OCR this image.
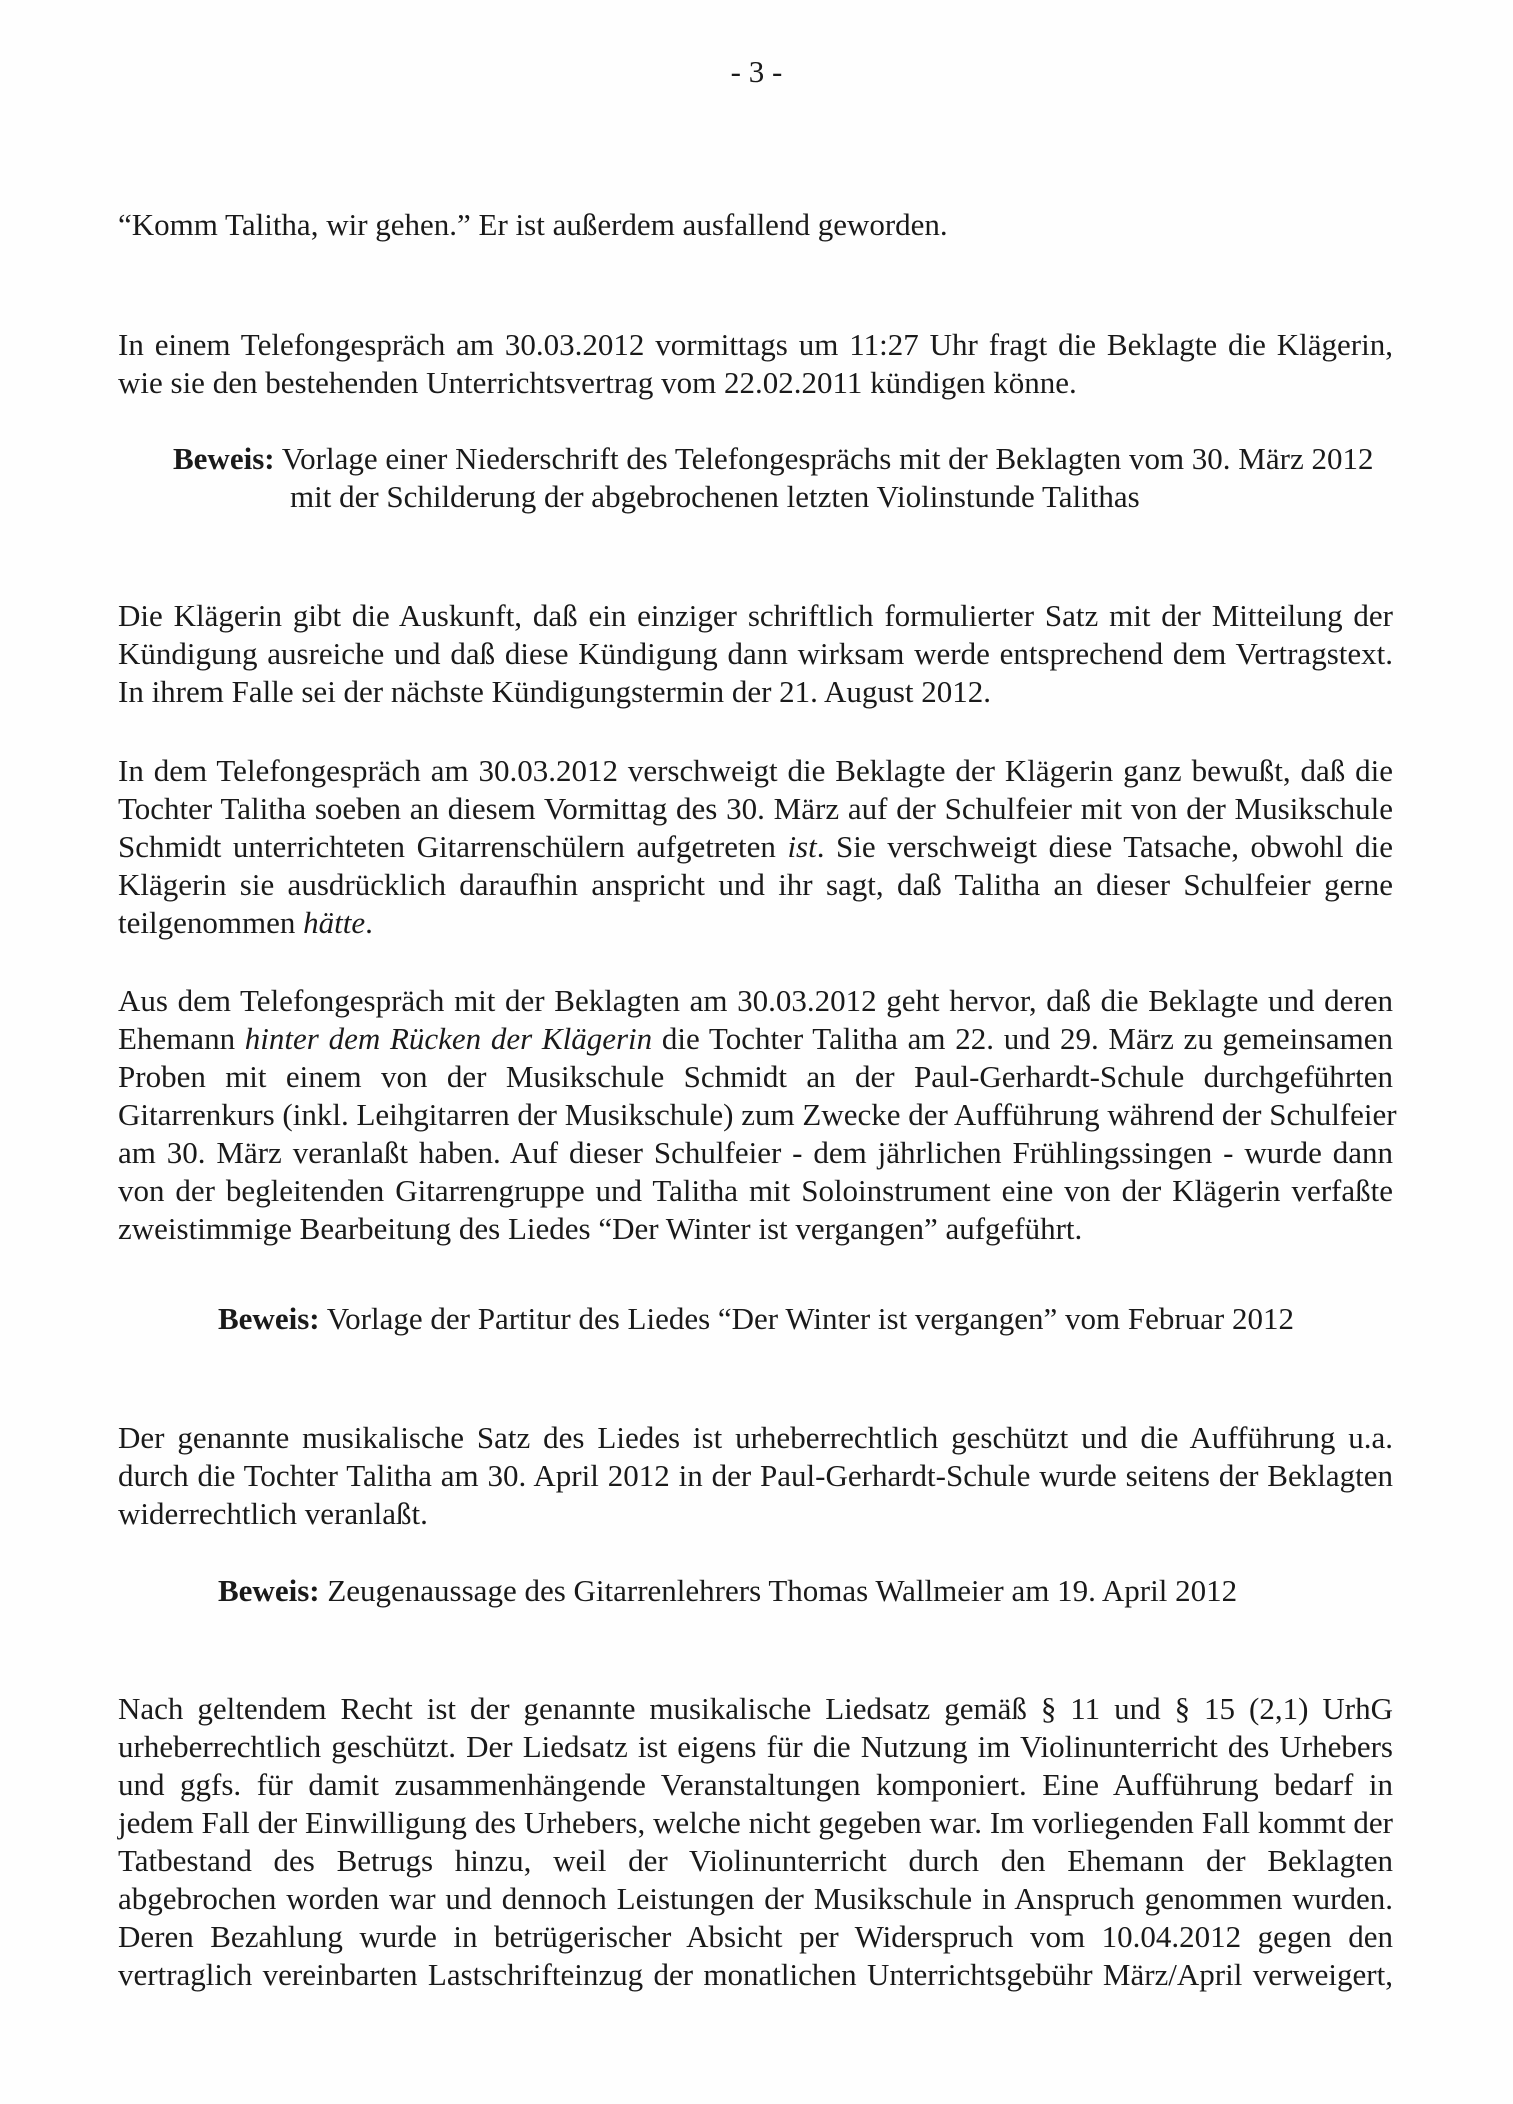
- 3 -

“Komm Talitha, wir gehen.” Er ist außerdem ausfallend geworden.

In einem Telefongespräch am 30.03.2012 vormittags um 11:27 Uhr fragt die Beklagte die Klägerin,
wie sie den bestehenden Unterrichtsvertrag vom 22.02.2011 kündigen könne.

Beweis: Vorlage einer Niederschrift des Telefongesprächs mit der Beklagten vom 30. März 2012
mit der Schilderung der abgebrochenen letzten Violinstunde Talithas

Die Klägerin gibt die Auskunft, daß ein einziger schriftlich formulierter Satz mit der Mitteilung der
Kündigung ausreiche und daß diese Kündigung dann wirksam werde entsprechend dem Vertragstext.
In ihrem Falle sei der nächste Kündigungstermin der 21. August 2012.

In dem Telefongespräch am 30.03.2012 verschweigt die Beklagte der Klägerin ganz bewußt, daß die
Tochter Talitha soeben an diesem Vormittag des 30. März auf der Schulfeier mit von der Musikschule
Schmidt unterrichteten Gitarrenschülern aufgetreten ist. Sie verschweigt diese Tatsache, obwohl die
Klägerin sie ausdrücklich daraufhin anspricht und ihr sagt, daß Talitha an dieser Schulfeier gerne
teilgenommen hätte.

Aus dem Telefongespräch mit der Beklagten am 30.03.2012 geht hervor, daß die Beklagte und deren
Ehemann hinter dem Rücken der Klägerin die Tochter Talitha am 22. und 29. März zu gemeinsamen
Proben mit einem von der Musikschule Schmidt an der Paul-Gerhardt-Schule durchgeführten
Gitarrenkurs (inkl. Leihgitarren der Musikschule) zum Zwecke der Aufführung während der Schulfeier
am 30. März veranlaßt haben. Auf dieser Schulfeier - dem jährlichen Frühlingssingen - wurde dann
von der begleitenden Gitarrengruppe und Talitha mit Soloinstrument eine von der Klägerin verfaßte
zweistimmige Bearbeitung des Liedes “Der Winter ist vergangen” aufgeführt.

Beweis: Vorlage der Partitur des Liedes “Der Winter ist vergangen” vom Februar 2012

Der genannte musikalische Satz des Liedes ist urheberrechtlich geschützt und die Aufführung u.a.
durch die Tochter Talitha am 30. April 2012 in der Paul-Gerhardt-Schule wurde seitens der Beklagten
widerrechtlich veranlaßt.

Beweis: Zeugenaussage des Gitarrenlehrers Thomas Wallmeier am 19. April 2012

Nach geltendem Recht ist der genannte musikalische Liedsatz gemäß § 11 und § 15 (2,1) UrhG
urheberrechtlich geschützt. Der Liedsatz ist eigens für die Nutzung im Violinunterricht des Urhebers
und ggfs. für damit zusammenhängende Veranstaltungen komponiert. Eine Aufführung bedarf in
jedem Fall der Einwilligung des Urhebers, welche nicht gegeben war. Im vorliegenden Fall kommt der
Tatbestand des Betrugs hinzu, weil der Violinunterricht durch den Ehemann der Beklagten
abgebrochen worden war und dennoch Leistungen der Musikschule in Anspruch genommen wurden.
Deren Bezahlung wurde in betrügerischer Absicht per Widerspruch vom 10.04.2012 gegen den
vertraglich vereinbarten Lastschrifteinzug der monatlichen Unterrichtsgebühr März/April verweigert,
